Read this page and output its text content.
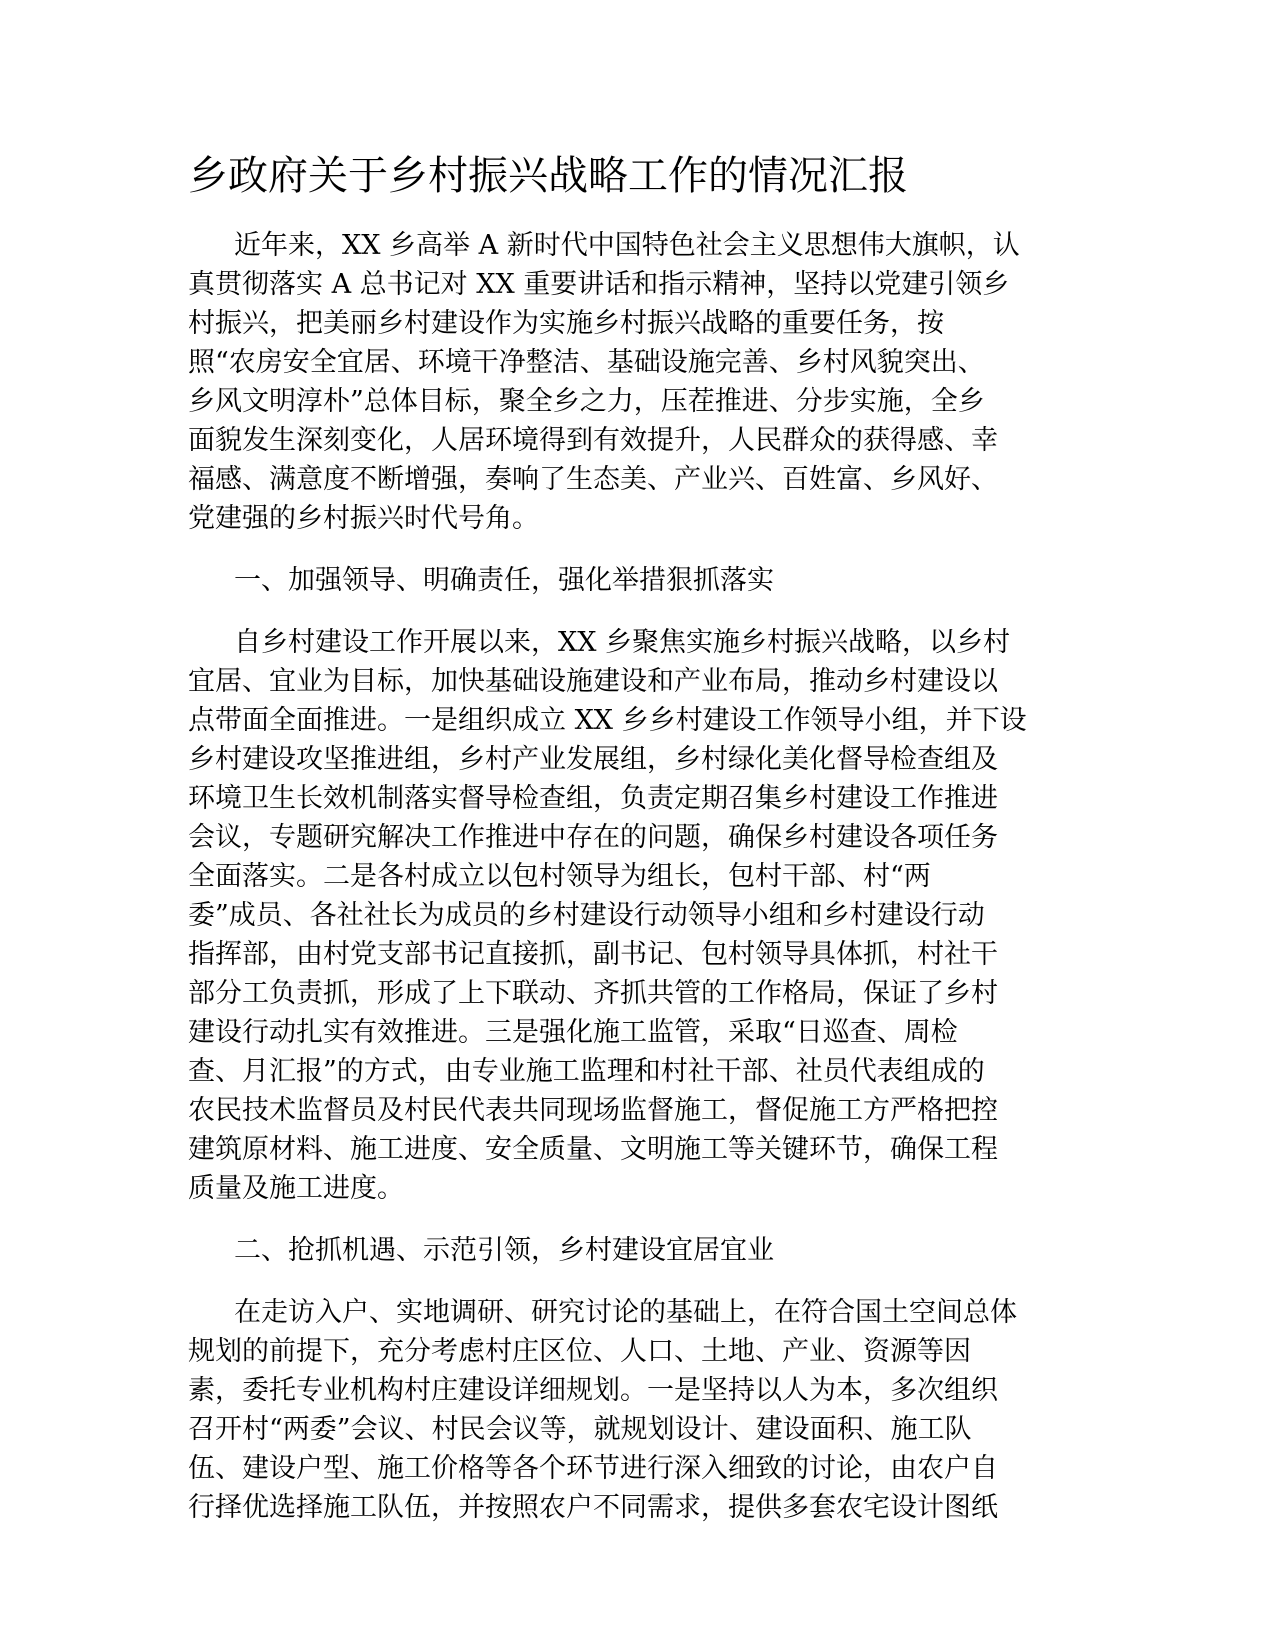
乡政府关于乡村振兴战略工作的情况汇报
近年来，XX 乡高举 A 新时代中国特色社会主义思想伟大旗帜，认
真贯彻落实 A 总书记对 XX 重要讲话和指示精神，坚持以党建引领乡
村振兴，把美丽乡村建设作为实施乡村振兴战略的重要任务，按
照“农房安全宜居、环境干净整洁、基础设施完善、乡村风貌突出、
乡风文明淳朴”总体目标，聚全乡之力，压茬推进、分步实施，全乡
面貌发生深刻变化，人居环境得到有效提升，人民群众的获得感、幸
福感、满意度不断增强，奏响了生态美、产业兴、百姓富、乡风好、
党建强的乡村振兴时代号角。
一、加强领导、明确责任，强化举措狠抓落实
自乡村建设工作开展以来，XX 乡聚焦实施乡村振兴战略，以乡村
宜居、宜业为目标，加快基础设施建设和产业布局，推动乡村建设以
点带面全面推进。一是组织成立 XX 乡乡村建设工作领导小组，并下设
乡村建设攻坚推进组，乡村产业发展组，乡村绿化美化督导检查组及
环境卫生长效机制落实督导检查组，负责定期召集乡村建设工作推进
会议，专题研究解决工作推进中存在的问题，确保乡村建设各项任务
全面落实。二是各村成立以包村领导为组长，包村干部、村“两
委”成员、各社社长为成员的乡村建设行动领导小组和乡村建设行动
指挥部，由村党支部书记直接抓，副书记、包村领导具体抓，村社干
部分工负责抓，形成了上下联动、齐抓共管的工作格局，保证了乡村
建设行动扎实有效推进。三是强化施工监管，采取“日巡查、周检
查、月汇报”的方式，由专业施工监理和村社干部、社员代表组成的
农民技术监督员及村民代表共同现场监督施工，督促施工方严格把控
建筑原材料、施工进度、安全质量、文明施工等关键环节，确保工程
质量及施工进度。
二、抢抓机遇、示范引领，乡村建设宜居宜业
在走访入户、实地调研、研究讨论的基础上，在符合国土空间总体
规划的前提下，充分考虑村庄区位、人口、土地、产业、资源等因
素，委托专业机构村庄建设详细规划。一是坚持以人为本，多次组织
召开村“两委”会议、村民会议等，就规划设计、建设面积、施工队
伍、建设户型、施工价格等各个环节进行深入细致的讨论，由农户自
行择优选择施工队伍，并按照农户不同需求，提供多套农宅设计图纸
